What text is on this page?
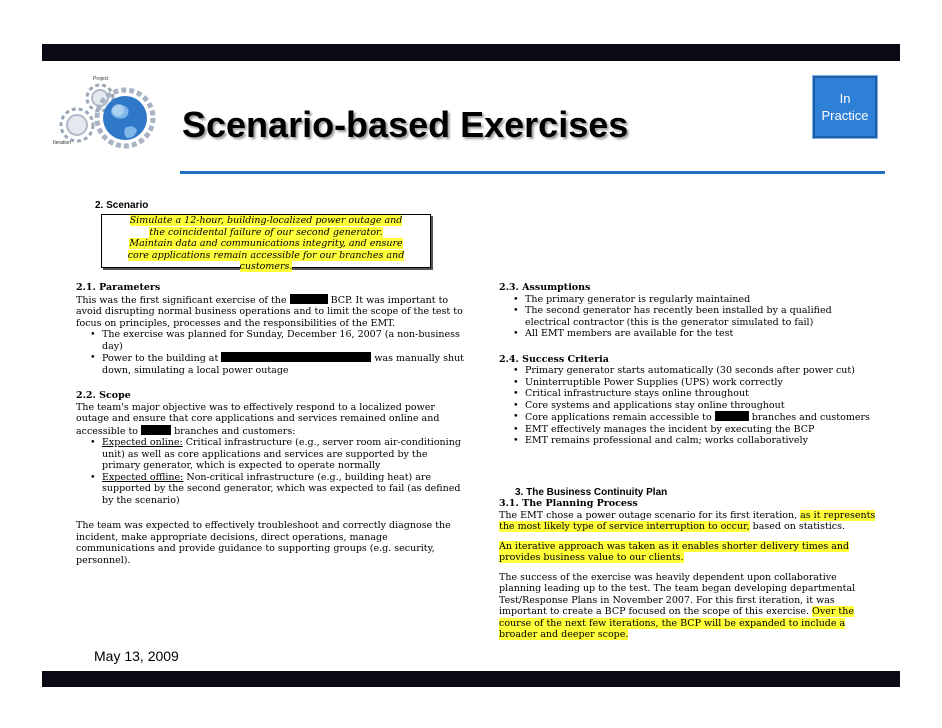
Project
Iteration	Scenario-based Exercises
In
Practice
2. Scenario
Simulate a 12-hour, building-localized power outage and
the coincidental failure of our second generator.
Maintain data and communications integrity, and ensure
core applications remain accessible for our branches and customers.

2.1. Parameters

This was the first significant exercise of the	BCP. It was important to avoid disrupting normal business operations and to limit the scope of the test to focus on principles, processes and the responsibilities of the EMT.

• The exercise was planned for Sunday, December 16, 2007 (a non-business day)
• Power to the building at	was manually shut down, simulating a local power outage

2.2. Scope

The team's major objective was to effectively respond to a localized power outage and ensure that core applications and services remained online and accessible to	branches and customers:

• Expected online: Critical infrastructure (e.g., server room air-conditioning unit) as well as core applications and services are supported by the primary generator, which is expected to operate normally
• Expected offline: Non-critical infrastructure (e.g., building heat) are supported by the second generator, which was expected to fail (as defined by the scenario)

The team was expected to effectively troubleshoot and correctly diagnose the incident, make appropriate decisions, direct operations, manage communications and provide guidance to supporting groups (e.g. security, personnel).

2.3. Assumptions

• The primary generator is regularly maintained
• The second generator has recently been installed by a qualified electrical contractor (this is the generator simulated to fail)
• All EMT members are available for the test

2.4. Success Criteria

• Primary generator starts automatically (30 seconds after power cut)
• Uninterruptible Power Supplies (UPS) work correctly
• Critical infrastructure stays online throughout
• Core systems and applications stay online throughout
• Core applications remain accessible to	branches and customers
• EMT effectively manages the incident by executing the BCP
• EMT remains professional and calm; works collaboratively

3. The Business Continuity Plan

3.1. The Planning Process

The EMT chose a power outage scenario for its first iteration, as it represents the most likely type of service interruption to occur, based on statistics.

An iterative approach was taken as it enables shorter delivery times and provides business value to our clients.

The success of the exercise was heavily dependent upon collaborative planning leading up to the test. The team began developing departmental Test/Response Plans in November 2007. For this first iteration, it was important to create a BCP focused on the scope of this exercise. Over the course of the next few iterations, the BCP will be expanded to include a broader and deeper scope.

May 13, 2009
